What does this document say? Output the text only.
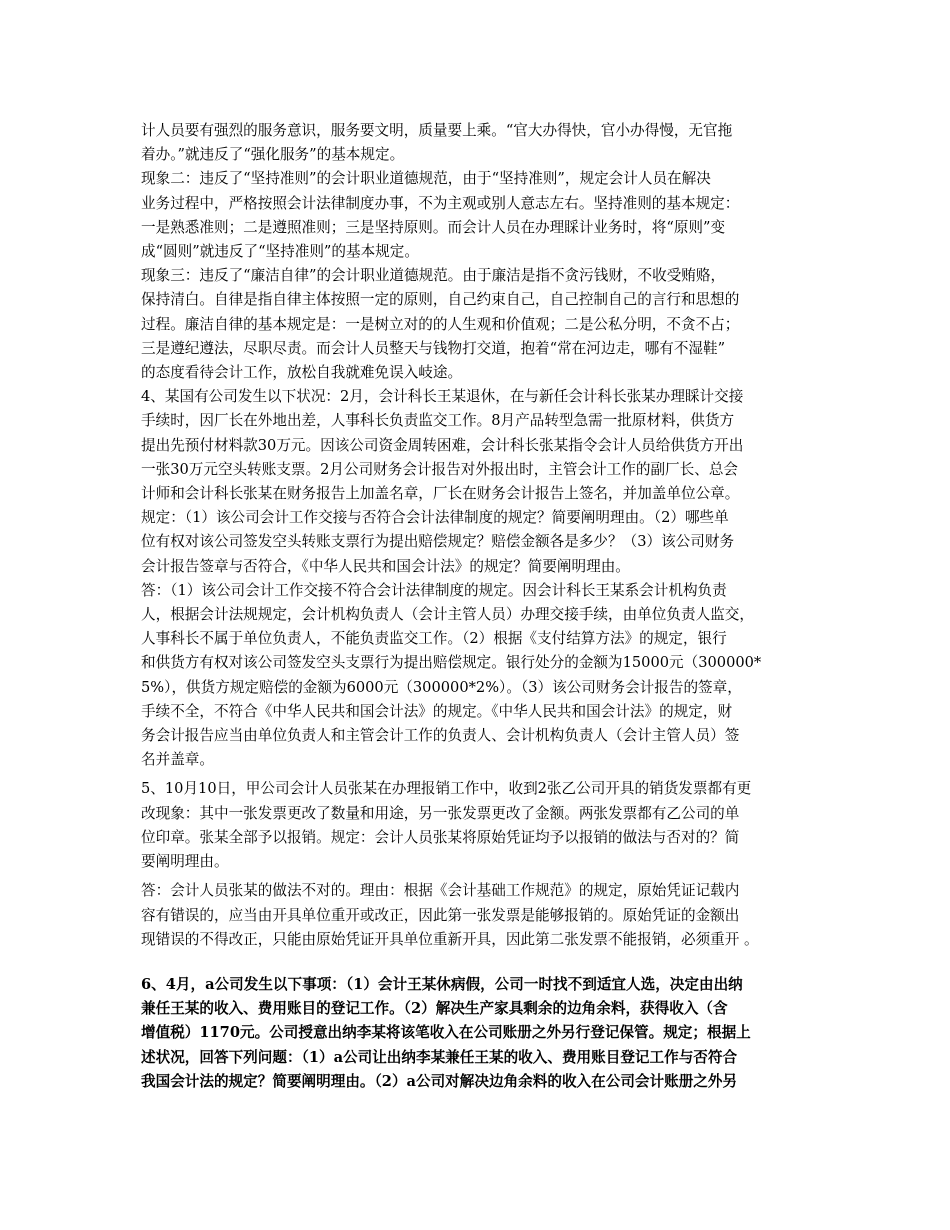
计人员要有强烈的服务意识，服务要文明，质量要上乘。“官大办得快，官小办得慢，无官拖
着办。”就违反了“强化服务”的基本规定。

现象二：违反了“坚持准则”的会计职业道德规范，由于“坚持准则”，规定会计人员在解决
业务过程中，严格按照会计法律制度办事，不为主观或别人意志左右。坚持准则的基本规定：
一是熟悉准则；二是遵照准则；三是坚持原则。而会计人员在办理睬计业务时，将“原则”变
成“圆则”就违反了“坚持准则”的基本规定。

现象三：违反了“廉洁自律”的会计职业道德规范。由于廉洁是指不贪污钱财，不收受贿赂，
保持清白。自律是指自律主体按照一定的原则，自己约束自己，自己控制自己的言行和思想的
过程。廉洁自律的基本规定是：一是树立对的的人生观和价值观；二是公私分明，不贪不占；
三是遵纪遵法，尽职尽责。而会计人员整天与钱物打交道，抱着“常在河边走，哪有不湿鞋”
的态度看待会计工作，放松自我就难免误入岐途。

4、某国有公司发生以下状况：2月，会计科长王某退休，在与新任会计科长张某办理睬计交接
手续时，因厂长在外地出差，人事科长负责监交工作。8月产品转型急需一批原材料，供货方
提出先预付材料款30万元。因该公司资金周转困难，会计科长张某指令会计人员给供货方开出
一张30万元空头转账支票。2月公司财务会计报告对外报出时，主管会计工作的副厂长、总会
计师和会计科长张某在财务报告上加盖名章，厂长在财务会计报告上签名，并加盖单位公章。
规定：（1）该公司会计工作交接与否符合会计法律制度的规定？简要阐明理由。（2）哪些单
位有权对该公司签发空头转账支票行为提出赔偿规定？赔偿金额各是多少？（3）该公司财务
会计报告签章与否符合，《中华人民共和国会计法》的规定？简要阐明理由。

答：（1）该公司会计工作交接不符合会计法律制度的规定。因会计科长王某系会计机构负责
人，根据会计法规规定，会计机构负责人（会计主管人员）办理交接手续，由单位负责人监交，
人事科长不属于单位负责人，不能负责监交工作。（2）根据《支付结算方法》的规定，银行
和供货方有权对该公司签发空头支票行为提出赔偿规定。银行处分的金额为15000元（300000*
5%），供货方规定赔偿的金额为6000元（300000*2%）。（3）该公司财务会计报告的签章，
手续不全，不符合《中华人民共和国会计法》的规定。《中华人民共和国会计法》的规定，财
务会计报告应当由单位负责人和主管会计工作的负责人、会计机构负责人（会计主管人员）签
名并盖章。

5、10月10日，甲公司会计人员张某在办理报销工作中，收到2张乙公司开具的销货发票都有更
改现象：其中一张发票更改了数量和用途，另一张发票更改了金额。两张发票都有乙公司的单
位印章。张某全部予以报销。规定：会计人员张某将原始凭证均予以报销的做法与否对的？简
要阐明理由。

答：会计人员张某的做法不对的。理由：根据《会计基础工作规范》的规定，原始凭证记载内
容有错误的，应当由开具单位重开或改正，因此第一张发票是能够报销的。原始凭证的金额出
现错误的不得改正，只能由原始凭证开具单位重新开具，因此第二张发票不能报销，必须重开 。

6、4月，a公司发生以下事项：（1）会计王某休病假，公司一时找不到适宜人选，决定由出纳
兼任王某的收入、费用账目的登记工作。（2）解决生产家具剩余的边角余料，获得收入（含
增值税）1170元。公司授意出纳李某将该笔收入在公司账册之外另行登记保管。规定；根据上
述状况，回答下列问题：（1）a公司让出纳李某兼任王某的收入、费用账目登记工作与否符合
我国会计法的规定？简要阐明理由。（2）a公司对解决边角余料的收入在公司会计账册之外另
